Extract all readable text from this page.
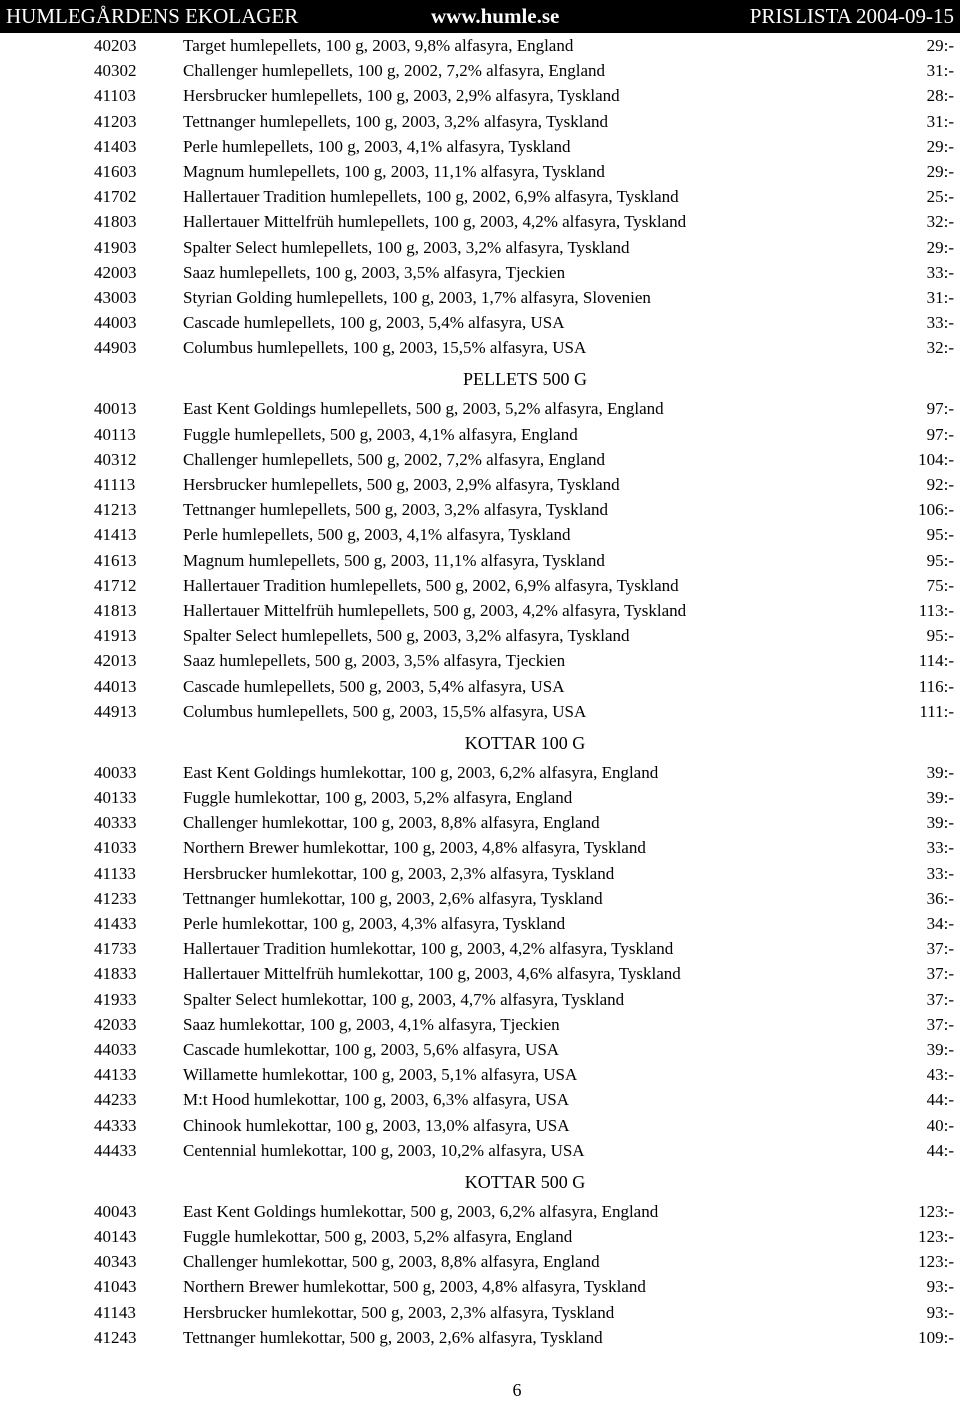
HUMLEGÅRDENS EKOLAGER	www.humle.se	PRISLISTA 2004-09-15
40203	Target humlepellets, 100 g, 2003, 9,8% alfasyra, England	29:-
40302	Challenger humlepellets, 100 g, 2002, 7,2% alfasyra, England	31:-
41103	Hersbrucker humlepellets, 100 g, 2003, 2,9% alfasyra, Tyskland	28:-
41203	Tettnanger humlepellets, 100 g, 2003, 3,2% alfasyra, Tyskland	31:-
41403	Perle humlepellets, 100 g, 2003, 4,1% alfasyra, Tyskland	29:-
41603	Magnum humlepellets, 100 g, 2003, 11,1% alfasyra, Tyskland	29:-
41702	Hallertauer Tradition humlepellets, 100 g, 2002, 6,9% alfasyra, Tyskland	25:-
41803	Hallertauer Mittelfrüh humlepellets, 100 g, 2003, 4,2% alfasyra, Tyskland	32:-
41903	Spalter Select humlepellets, 100 g, 2003, 3,2% alfasyra, Tyskland	29:-
42003	Saaz humlepellets, 100 g, 2003, 3,5% alfasyra, Tjeckien	33:-
43003	Styrian Golding humlepellets, 100 g, 2003, 1,7% alfasyra, Slovenien	31:-
44003	Cascade humlepellets, 100 g, 2003, 5,4% alfasyra, USA	33:-
44903	Columbus humlepellets, 100 g, 2003, 15,5% alfasyra, USA	32:-
PELLETS 500 G
40013	East Kent Goldings humlepellets, 500 g, 2003, 5,2% alfasyra, England	97:-
40113	Fuggle humlepellets, 500 g, 2003, 4,1% alfasyra, England	97:-
40312	Challenger humlepellets, 500 g, 2002, 7,2% alfasyra, England	104:-
41113	Hersbrucker humlepellets, 500 g, 2003, 2,9% alfasyra, Tyskland	92:-
41213	Tettnanger humlepellets, 500 g, 2003, 3,2% alfasyra, Tyskland	106:-
41413	Perle humlepellets, 500 g, 2003, 4,1% alfasyra, Tyskland	95:-
41613	Magnum humlepellets, 500 g, 2003, 11,1% alfasyra, Tyskland	95:-
41712	Hallertauer Tradition humlepellets, 500 g, 2002, 6,9% alfasyra, Tyskland	75:-
41813	Hallertauer Mittelfrüh humlepellets, 500 g, 2003, 4,2% alfasyra, Tyskland	113:-
41913	Spalter Select humlepellets, 500 g, 2003, 3,2% alfasyra, Tyskland	95:-
42013	Saaz humlepellets, 500 g, 2003, 3,5% alfasyra, Tjeckien	114:-
44013	Cascade humlepellets, 500 g, 2003, 5,4% alfasyra, USA	116:-
44913	Columbus humlepellets, 500 g, 2003, 15,5% alfasyra, USA	111:-
KOTTAR 100 G
40033	East Kent Goldings humlekottar, 100 g, 2003, 6,2% alfasyra, England	39:-
40133	Fuggle humlekottar, 100 g, 2003, 5,2% alfasyra, England	39:-
40333	Challenger humlekottar, 100 g, 2003, 8,8% alfasyra, England	39:-
41033	Northern Brewer humlekottar, 100 g, 2003, 4,8% alfasyra, Tyskland	33:-
41133	Hersbrucker humlekottar, 100 g, 2003, 2,3% alfasyra, Tyskland	33:-
41233	Tettnanger humlekottar, 100 g, 2003, 2,6% alfasyra, Tyskland	36:-
41433	Perle humlekottar, 100 g, 2003, 4,3% alfasyra, Tyskland	34:-
41733	Hallertauer Tradition humlekottar, 100 g, 2003, 4,2% alfasyra, Tyskland	37:-
41833	Hallertauer Mittelfrüh humlekottar, 100 g, 2003, 4,6% alfasyra, Tyskland	37:-
41933	Spalter Select humlekottar, 100 g, 2003, 4,7% alfasyra, Tyskland	37:-
42033	Saaz humlekottar, 100 g, 2003, 4,1% alfasyra, Tjeckien	37:-
44033	Cascade humlekottar, 100 g, 2003, 5,6% alfasyra, USA	39:-
44133	Willamette humlekottar, 100 g, 2003, 5,1% alfasyra, USA	43:-
44233	M:t Hood humlekottar, 100 g, 2003, 6,3% alfasyra, USA	44:-
44333	Chinook humlekottar, 100 g, 2003, 13,0% alfasyra, USA	40:-
44433	Centennial humlekottar, 100 g, 2003, 10,2% alfasyra, USA	44:-
KOTTAR 500 G
40043	East Kent Goldings humlekottar, 500 g, 2003, 6,2% alfasyra, England	123:-
40143	Fuggle humlekottar, 500 g, 2003, 5,2% alfasyra, England	123:-
40343	Challenger humlekottar, 500 g, 2003, 8,8% alfasyra, England	123:-
41043	Northern Brewer humlekottar, 500 g, 2003, 4,8% alfasyra, Tyskland	93:-
41143	Hersbrucker humlekottar, 500 g, 2003, 2,3% alfasyra, Tyskland	93:-
41243	Tettnanger humlekottar, 500 g, 2003, 2,6% alfasyra, Tyskland	109:-
6
